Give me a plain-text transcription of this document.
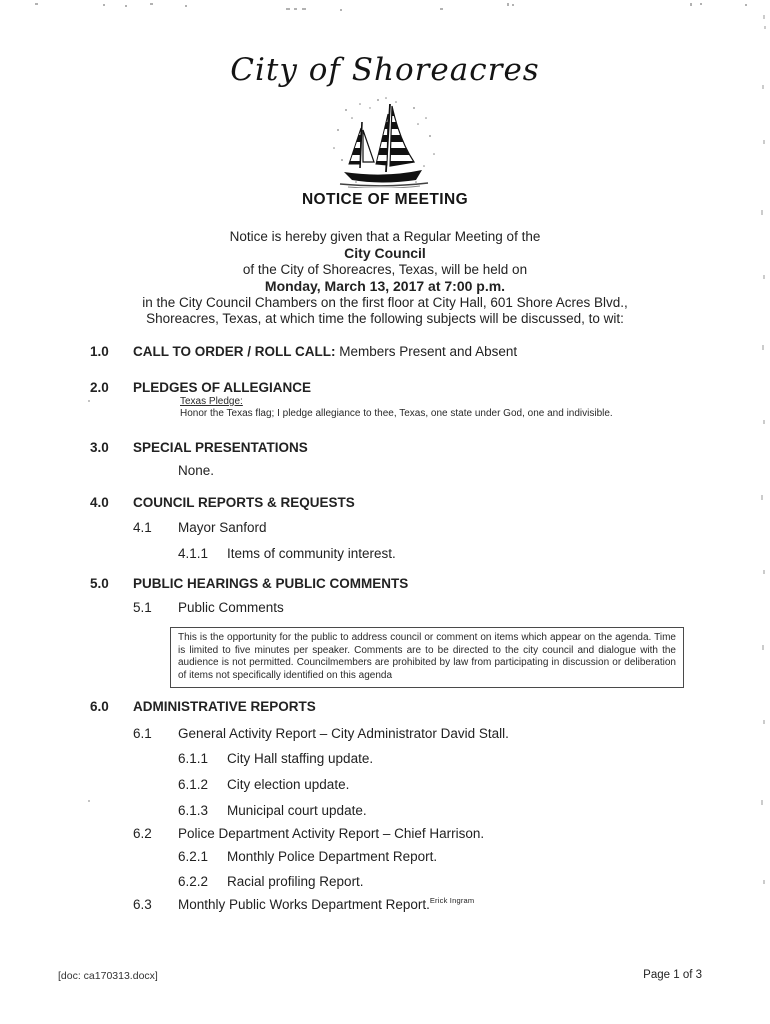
City of Shoreacres
NOTICE OF MEETING
Notice is hereby given that a Regular Meeting of the
City Council
of the City of Shoreacres, Texas, will be held on
Monday, March 13, 2017 at 7:00 p.m.
in the City Council Chambers on the first floor at City Hall, 601 Shore Acres Blvd.,
Shoreacres, Texas, at which time the following subjects will be discussed, to wit:
1.0 CALL TO ORDER / ROLL CALL: Members Present and Absent
2.0 PLEDGES OF ALLEGIANCE
Texas Pledge:
Honor the Texas flag; I pledge allegiance to thee, Texas, one state under God, one and indivisible.
3.0 SPECIAL PRESENTATIONS
None.
4.0 COUNCIL REPORTS & REQUESTS
4.1 Mayor Sanford
4.1.1 Items of community interest.
5.0 PUBLIC HEARINGS & PUBLIC COMMENTS
5.1 Public Comments
This is the opportunity for the public to address council or comment on items which appear on the agenda. Time is limited to five minutes per speaker. Comments are to be directed to the city council and dialogue with the audience is not permitted. Councilmembers are prohibited by law from participating in discussion or deliberation of items not specifically identified on this agenda
6.0 ADMINISTRATIVE REPORTS
6.1 General Activity Report – City Administrator David Stall.
6.1.1 City Hall staffing update.
6.1.2 City election update.
6.1.3 Municipal court update.
6.2 Police Department Activity Report – Chief Harrison.
6.2.1 Monthly Police Department Report.
6.2.2 Racial profiling Report.
6.3 Monthly Public Works Department Report.$^{Erick Ingram}$
[doc: ca170313.docx]	Page 1 of 3
